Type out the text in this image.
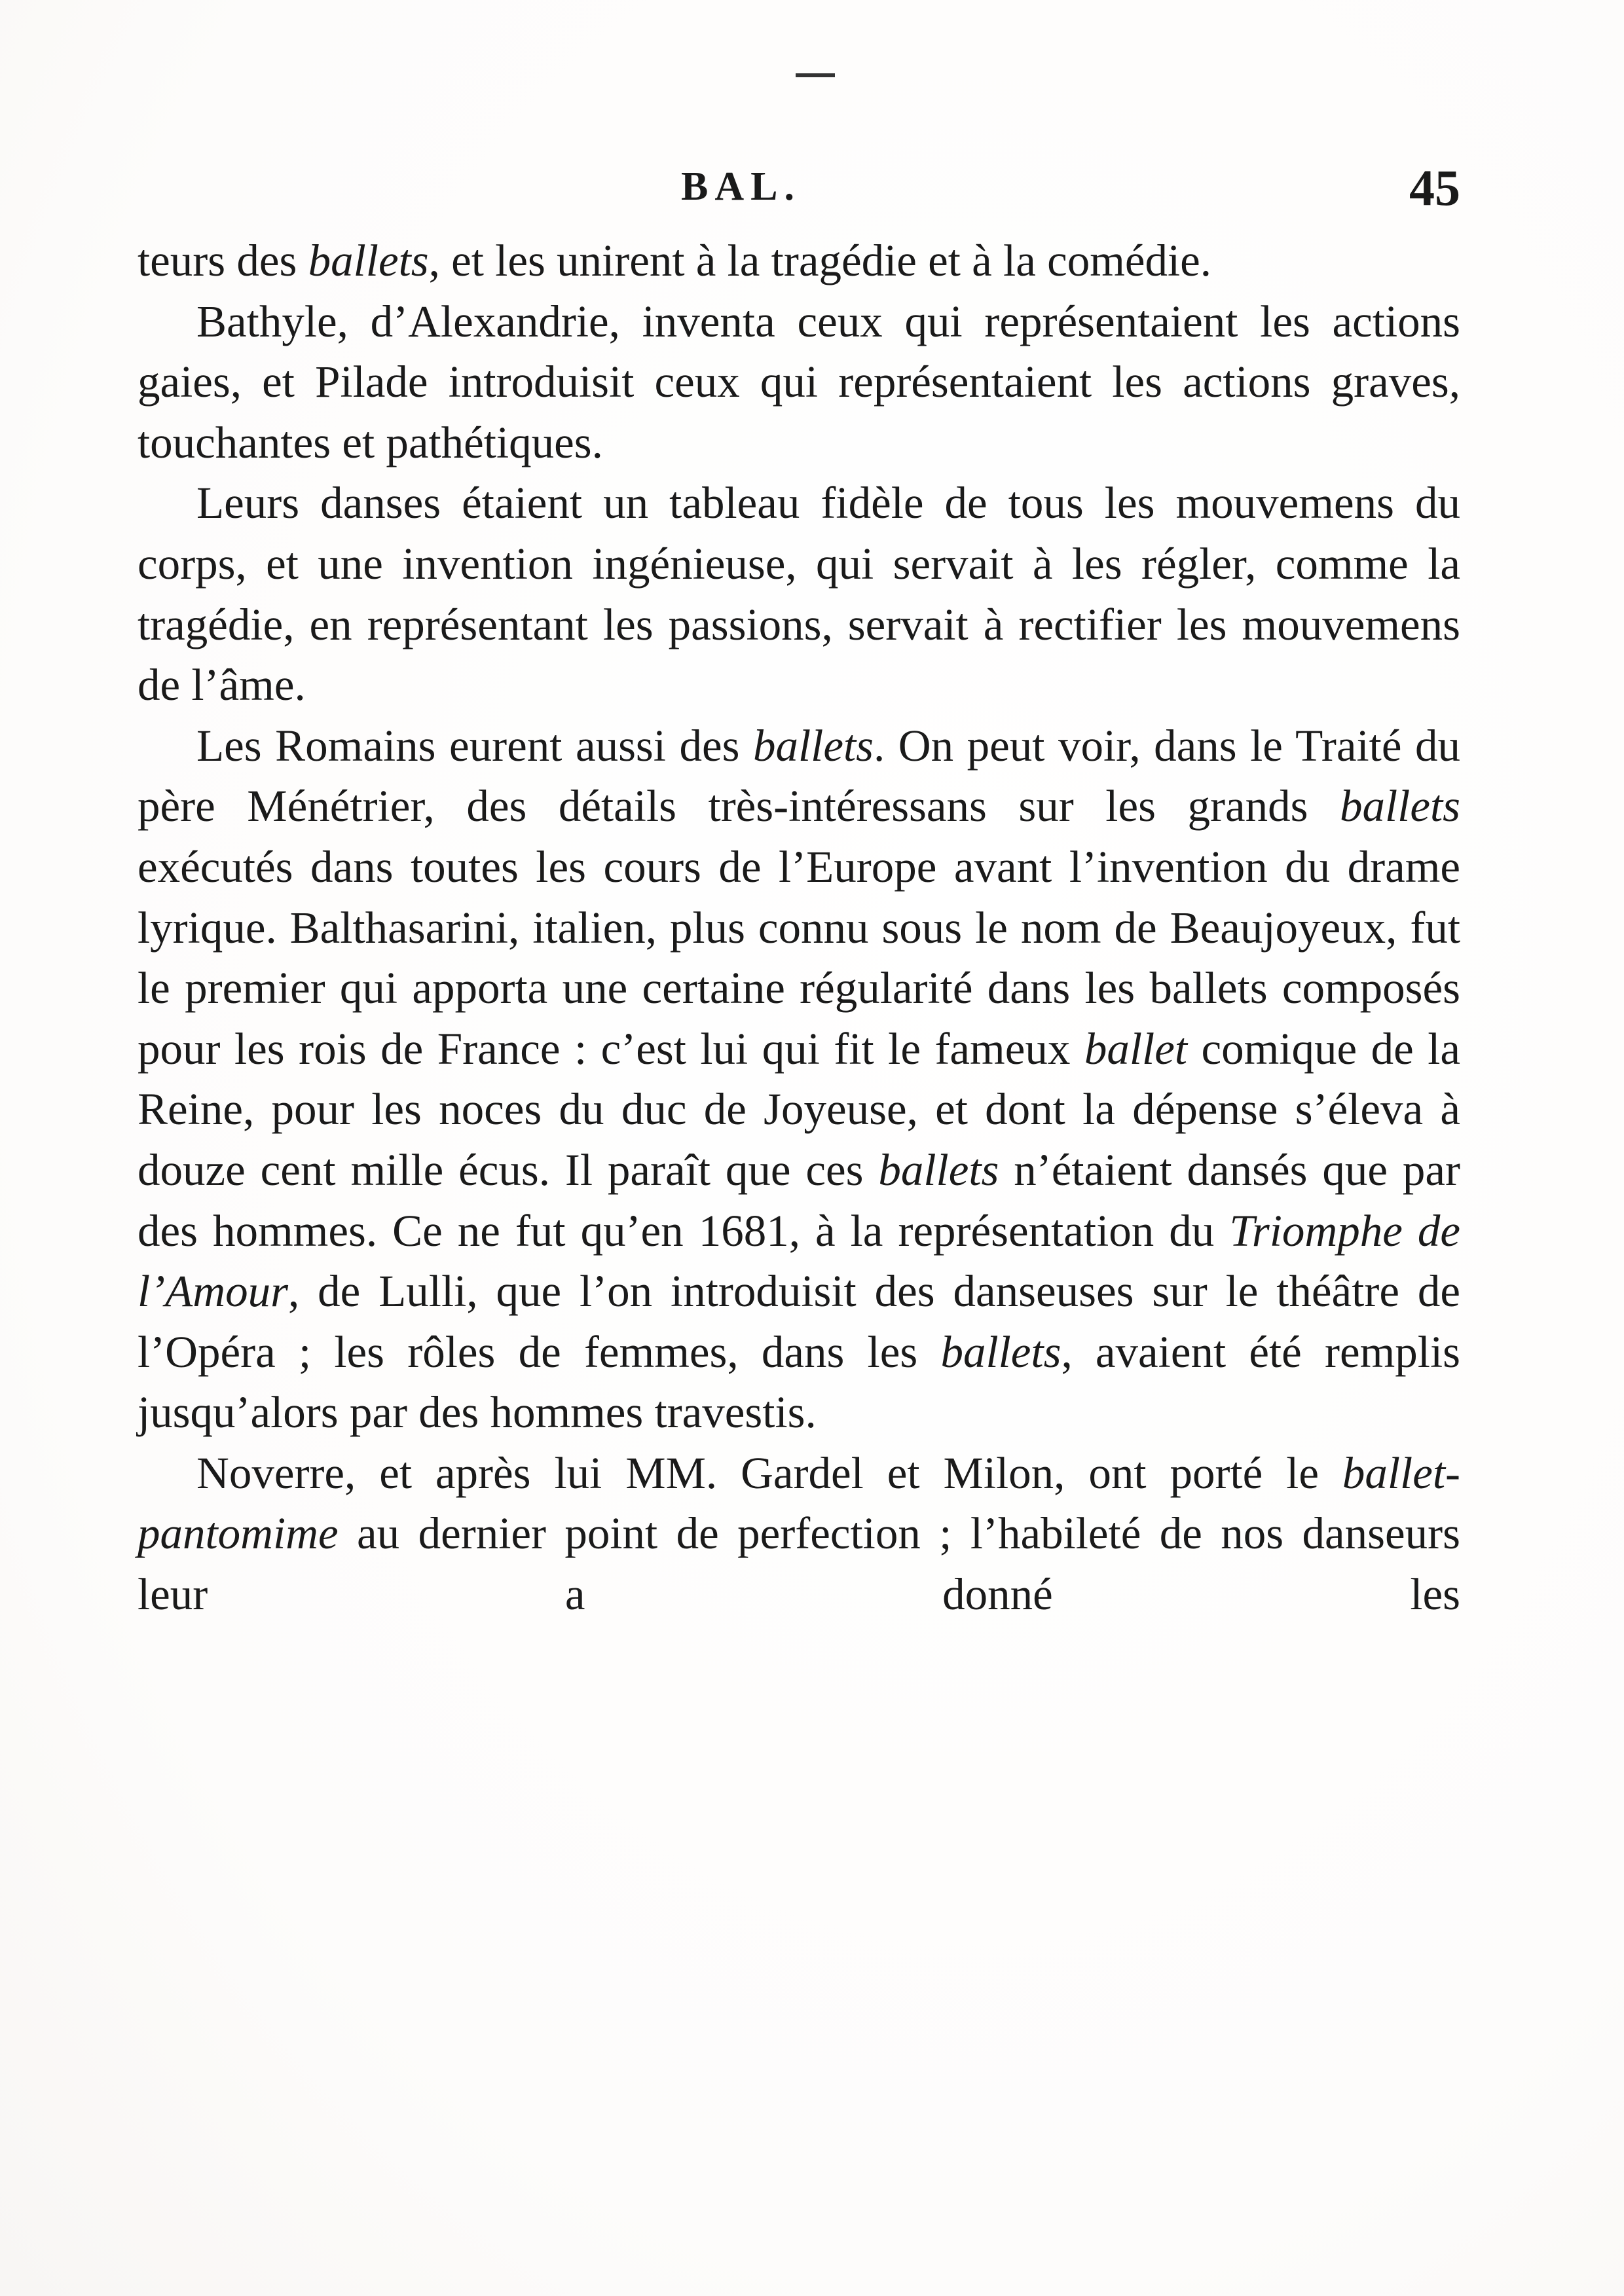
BAL.	45

teurs des ballets, et les unirent à la tragédie et à la comédie.

Bathyle, d’Alexandrie, inventa ceux qui représentaient les actions gaies, et Pilade introduisit ceux qui représentaient les actions graves, touchantes et pathétiques.

Leurs danses étaient un tableau fidèle de tous les mouvemens du corps, et une invention ingénieuse, qui servait à les régler, comme la tragédie, en représentant les passions, servait à rectifier les mouvemens de l’âme.

Les Romains eurent aussi des ballets. On peut voir, dans le Traité du père Ménétrier, des détails très-intéressans sur les grands ballets exécutés dans toutes les cours de l’Europe avant l’invention du drame lyrique. Balthasarini, italien, plus connu sous le nom de Beaujoyeux, fut le premier qui apporta une certaine régularité dans les ballets composés pour les rois de France : c’est lui qui fit le fameux ballet comique de la Reine, pour les noces du duc de Joyeuse, et dont la dépense s’éleva à douze cent mille écus. Il paraît que ces ballets n’étaient dansés que par des hommes. Ce ne fut qu’en 1681, à la représentation du Triomphe de l’Amour, de Lulli, que l’on introduisit des danseuses sur le théâtre de l’Opéra ; les rôles de femmes, dans les ballets, avaient été remplis jusqu’alors par des hommes travestis.

Noverre, et après lui MM. Gardel et Milon, ont porté le ballet-pantomime au dernier point de perfection ; l’habileté de nos danseurs leur a donné les
